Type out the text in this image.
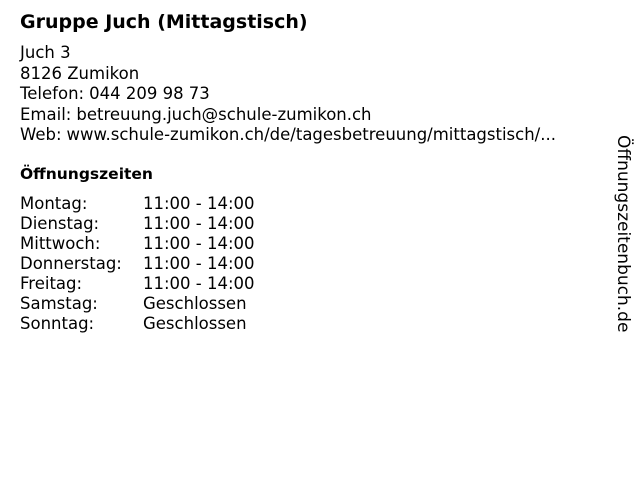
Gruppe Juch (Mittagstisch)
Juch 3
8126 Zumikon
Telefon: 044 209 98 73
Email: betreuung.juch@schule-zumikon.ch
Web: www.schule-zumikon.ch/de/tagesbetreuung/mittagstisch/...
Öffnungszeiten
Montag:	11:00 - 14:00
Dienstag:	11:00 - 14:00
Mittwoch:	11:00 - 14:00
Donnerstag:	11:00 - 14:00
Freitag:	11:00 - 14:00
Samstag:	Geschlossen
Sonntag:	Geschlossen	Öffnungszeitenbuch.de
